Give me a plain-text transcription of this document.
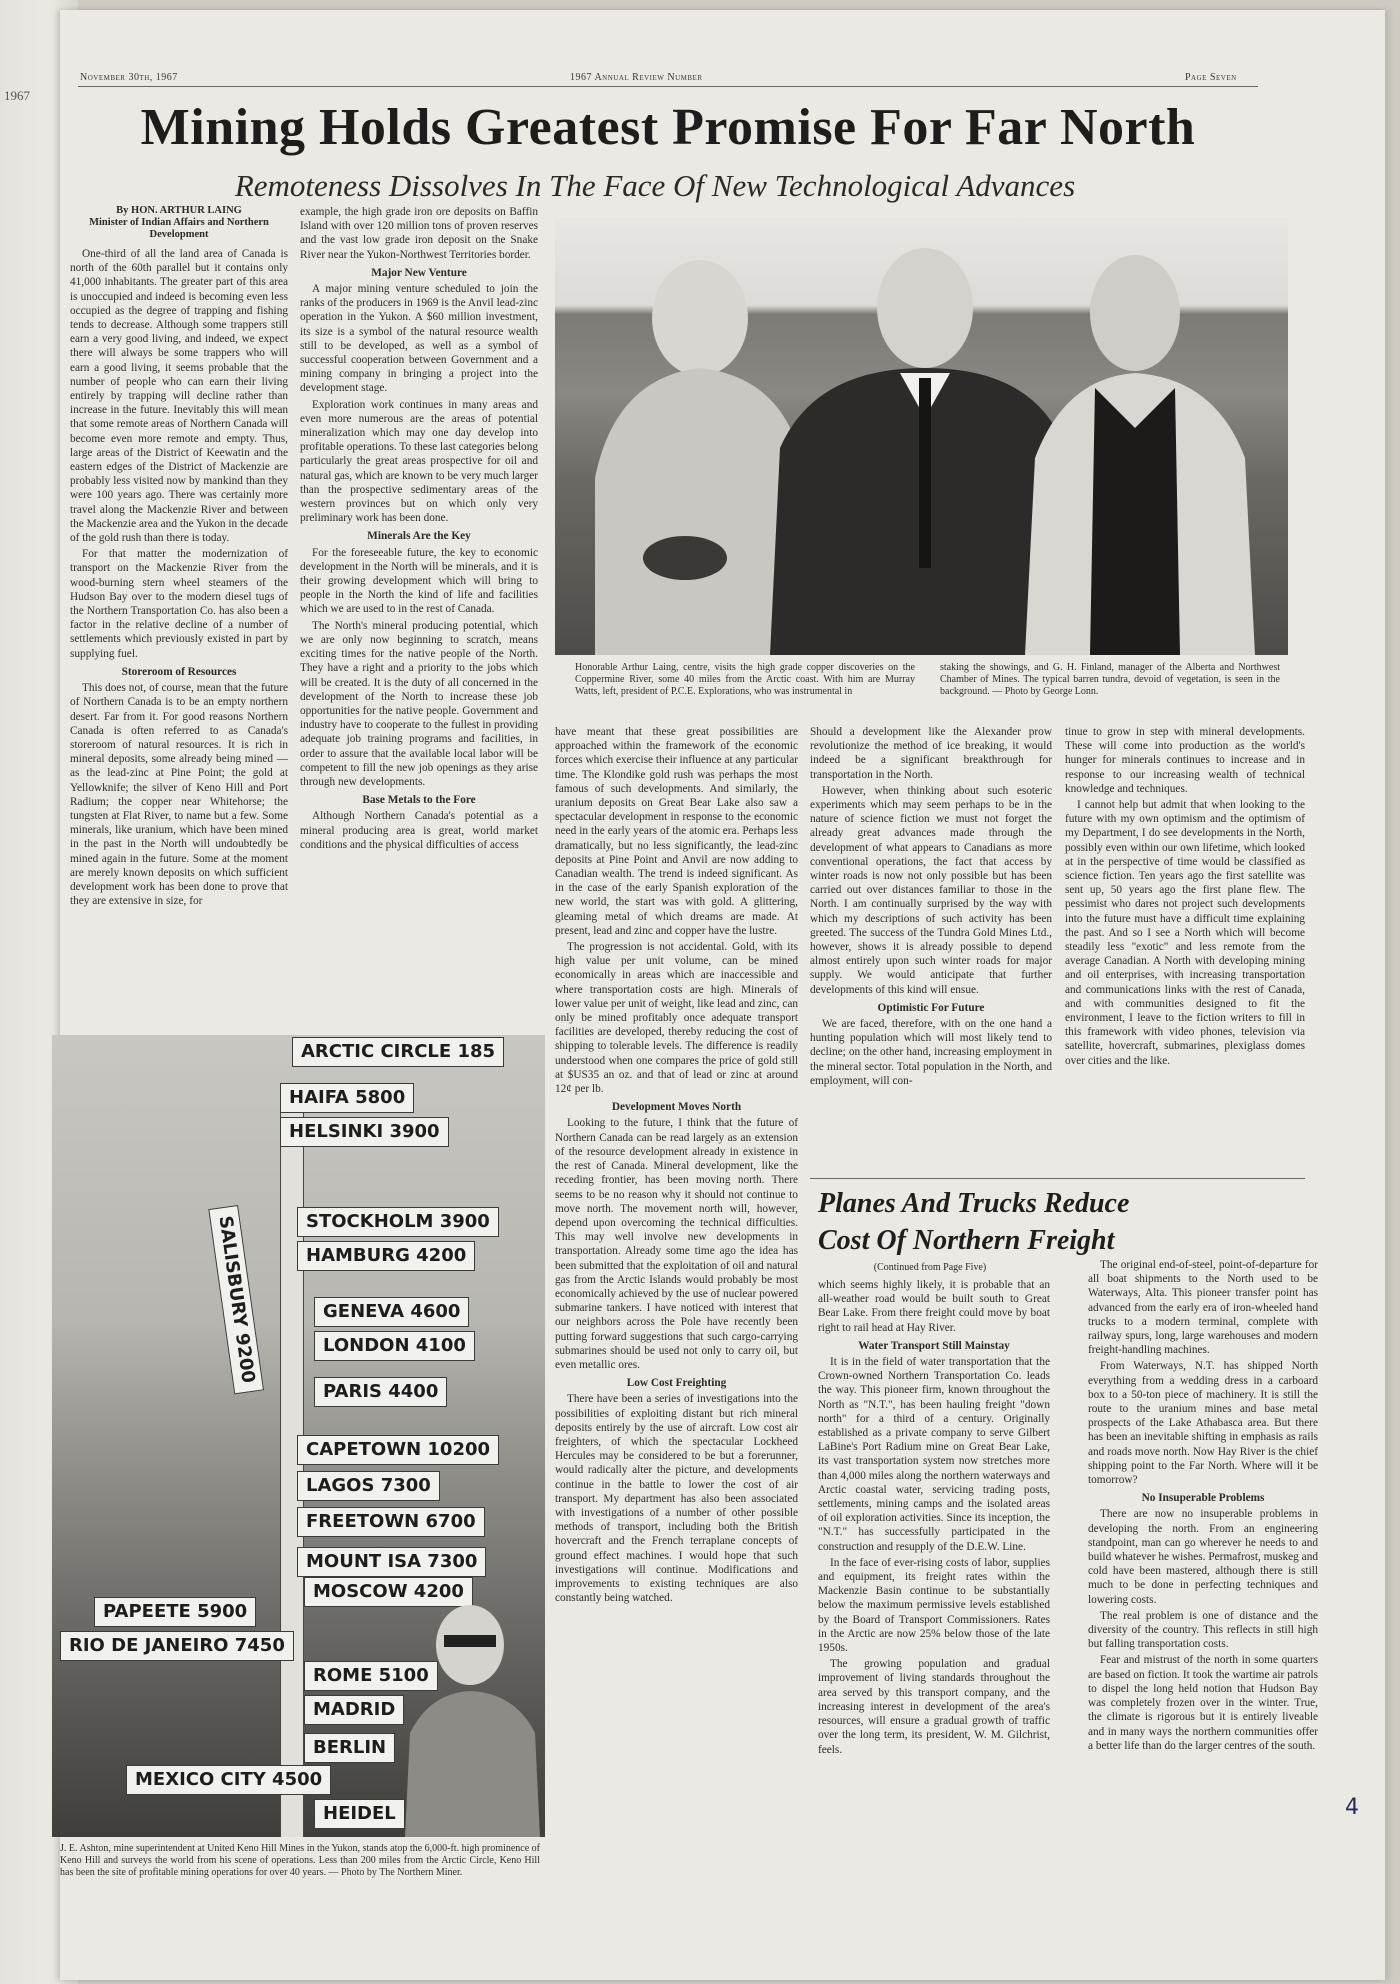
1967
November 30th, 1967	1967 Annual Review Number	Page Seven
Mining Holds Greatest Promise For Far North
Remoteness Dissolves In The Face Of New Technological Advances
By HON. ARTHUR LAING
Minister of Indian Affairs and Northern Development

One-third of all the land area of Canada is north of the 60th parallel but it contains only 41,000 inhabitants. The greater part of this area is unoccupied and indeed is becoming even less occupied as the degree of trapping and fishing tends to decrease. Although some trappers still earn a very good living, and indeed, we expect there will always be some trappers who will earn a good living, it seems probable that the number of people who can earn their living entirely by trapping will decline rather than increase in the future. Inevitably this will mean that some remote areas of Northern Canada will become even more remote and empty. Thus, large areas of the District of Keewatin and the eastern edges of the District of Mackenzie are probably less visited now by mankind than they were 100 years ago. There was certainly more travel along the Mackenzie River and between the Mackenzie area and the Yukon in the decade of the gold rush than there is today.

For that matter the modernization of transport on the Mackenzie River from the wood-burning stern wheel steamers of the Hudson Bay over to the modern diesel tugs of the Northern Transportation Co. has also been a factor in the relative decline of a number of settlements which previously existed in part by supplying fuel.

Storeroom of Resources

This does not, of course, mean that the future of Northern Canada is to be an empty northern desert. Far from it. For good reasons Northern Canada is often referred to as Canada's storeroom of natural resources. It is rich in mineral deposits, some already being mined — as the lead-zinc at Pine Point; the gold at Yellowknife; the silver of Keno Hill and Port Radium; the copper near Whitehorse; the tungsten at Flat River, to name but a few. Some minerals, like uranium, which have been mined in the past in the North will undoubtedly be mined again in the future. Some at the moment are merely known deposits on which sufficient development work has been done to prove that they are extensive in size, for

example, the high grade iron ore deposits on Baffin Island with over 120 million tons of proven reserves and the vast low grade iron deposit on the Snake River near the Yukon-Northwest Territories border.

Major New Venture

A major mining venture scheduled to join the ranks of the producers in 1969 is the Anvil lead-zinc operation in the Yukon. A $60 million investment, its size is a symbol of the natural resource wealth still to be developed, as well as a symbol of successful cooperation between Government and a mining company in bringing a project into the development stage.

Exploration work continues in many areas and even more numerous are the areas of potential mineralization which may one day develop into profitable operations. To these last categories belong particularly the great areas prospective for oil and natural gas, which are known to be very much larger than the prospective sedimentary areas of the western provinces but on which only very preliminary work has been done.

Minerals Are the Key

For the foreseeable future, the key to economic development in the North will be minerals, and it is their growing development which will bring to people in the North the kind of life and facilities which we are used to in the rest of Canada.

The North's mineral producing potential, which we are only now beginning to scratch, means exciting times for the native people of the North. They have a right and a priority to the jobs which will be created. It is the duty of all concerned in the development of the North to increase these job opportunities for the native people. Government and industry have to cooperate to the fullest in providing adequate job training programs and facilities, in order to assure that the available local labor will be competent to fill the new job openings as they arise through new developments.

Base Metals to the Fore

Although Northern Canada's potential as a mineral producing area is great, world market conditions and the physical difficulties of access

Honorable Arthur Laing, centre, visits the high grade copper discoveries on the Coppermine River, some 40 miles from the Arctic coast. With him are Murray Watts, left, president of P.C.E. Explorations, who was instrumental in
staking the showings, and G. H. Finland, manager of the Alberta and Northwest Chamber of Mines. The typical barren tundra, devoid of vegetation, is seen in the background. — Photo by George Lonn.

have meant that these great possibilities are approached within the framework of the economic forces which exercise their influence at any particular time. The Klondike gold rush was perhaps the most famous of such developments. And similarly, the uranium deposits on Great Bear Lake also saw a spectacular development in response to the economic need in the early years of the atomic era. Perhaps less dramatically, but no less significantly, the lead-zinc deposits at Pine Point and Anvil are now adding to Canadian wealth. The trend is indeed significant. As in the case of the early Spanish exploration of the new world, the start was with gold. A glittering, gleaming metal of which dreams are made. At present, lead and zinc and copper have the lustre.

The progression is not accidental. Gold, with its high value per unit volume, can be mined economically in areas which are inaccessible and where transportation costs are high. Minerals of lower value per unit of weight, like lead and zinc, can only be mined profitably once adequate transport facilities are developed, thereby reducing the cost of shipping to tolerable levels. The difference is readily understood when one compares the price of gold still at $US35 an oz. and that of lead or zinc at around 12¢ per lb.

Development Moves North

Looking to the future, I think that the future of Northern Canada can be read largely as an extension of the resource development already in existence in the rest of Canada. Mineral development, like the receding frontier, has been moving north. There seems to be no reason why it should not continue to move north. The movement north will, however, depend upon overcoming the technical difficulties. This may well involve new developments in transportation. Already some time ago the idea has been submitted that the exploitation of oil and natural gas from the Arctic Islands would probably be most economically achieved by the use of nuclear powered submarine tankers. I have noticed with interest that our neighbors across the Pole have recently been putting forward suggestions that such cargo-carrying submarines should be used not only to carry oil, but even metallic ores.

Low Cost Freighting

There have been a series of investigations into the possibilities of exploiting distant but rich mineral deposits entirely by the use of aircraft. Low cost air freighters, of which the spectacular Lockheed Hercules may be considered to be but a forerunner, would radically alter the picture, and developments continue in the battle to lower the cost of air transport. My department has also been associated with investigations of a number of other possible methods of transport, including both the British hovercraft and the French terraplane concepts of ground effect machines. I would hope that such investigations will continue. Modifications and improvements to existing techniques are also constantly being watched.

Should a development like the Alexander prow revolutionize the method of ice breaking, it would indeed be a significant breakthrough for transportation in the North.

However, when thinking about such esoteric experiments which may seem perhaps to be in the nature of science fiction we must not forget the already great advances made through the development of what appears to Canadians as more conventional operations, the fact that access by winter roads is now not only possible but has been carried out over distances familiar to those in the North. I am continually surprised by the way with which my descriptions of such activity has been greeted. The success of the Tundra Gold Mines Ltd., however, shows it is already possible to depend almost entirely upon such winter roads for major supply. We would anticipate that further developments of this kind will ensue.

Optimistic For Future

We are faced, therefore, with on the one hand a hunting population which will most likely tend to decline; on the other hand, increasing employment in the mineral sector. Total population in the North, and employment, will con-

tinue to grow in step with mineral developments. These will come into production as the world's hunger for minerals continues to increase and in response to our increasing wealth of technical knowledge and techniques.

I cannot help but admit that when looking to the future with my own optimism and the optimism of my Department, I do see developments in the North, possibly even within our own lifetime, which looked at in the perspective of time would be classified as science fiction. Ten years ago the first satellite was sent up, 50 years ago the first plane flew. The pessimist who dares not project such developments into the future must have a difficult time explaining the past. And so I see a North which will become steadily less "exotic" and less remote from the average Canadian. A North with developing mining and oil enterprises, with increasing transportation and communications links with the rest of Canada, and with communities designed to fit the environment, I leave to the fiction writers to fill in this framework with video phones, television via satellite, hovercraft, submarines, plexiglass domes over cities and the like.

ARCTIC CIRCLE 185
HAIFA 5800
HELSINKI 3900
SALISBURY 9200	STOCKHOLM 3900
HAMBURG 4200
GENEVA 4600
LONDON 4100
PARIS 4400
CAPETOWN 10200
LAGOS 7300
FREETOWN 6700
MOUNT ISA 7300
MOSCOW 4200
PAPEETE 5900
RIO DE JANEIRO 7450
ROME 5100
MADRID
BERLIN
MEXICO CITY 4500
HEIDEL
J. E. Ashton, mine superintendent at United Keno Hill Mines in the Yukon, stands atop the 6,000-ft. high prominence of Keno Hill and surveys the world from his scene of operations. Less than 200 miles from the Arctic Circle, Keno Hill has been the site of profitable mining operations for over 40 years. — Photo by The Northern Miner.
Planes And Trucks Reduce
Cost Of Northern Freight
(Continued from Page Five)

which seems highly likely, it is probable that an all-weather road would be built south to Great Bear Lake. From there freight could move by boat right to rail head at Hay River.

Water Transport Still Mainstay

It is in the field of water transportation that the Crown-owned Northern Transportation Co. leads the way. This pioneer firm, known throughout the North as "N.T.", has been hauling freight "down north" for a third of a century. Originally established as a private company to serve Gilbert LaBine's Port Radium mine on Great Bear Lake, its vast transportation system now stretches more than 4,000 miles along the northern waterways and Arctic coastal water, servicing trading posts, settlements, mining camps and the isolated areas of oil exploration activities. Since its inception, the "N.T." has successfully participated in the construction and resupply of the D.E.W. Line.

In the face of ever-rising costs of labor, supplies and equipment, its freight rates within the Mackenzie Basin continue to be substantially below the maximum permissive levels established by the Board of Transport Commissioners. Rates in the Arctic are now 25% below those of the late 1950s.

The growing population and gradual improvement of living standards throughout the area served by this transport company, and the increasing interest in development of the area's resources, will ensure a gradual growth of traffic over the long term, its president, W. M. Gilchrist, feels.

The original end-of-steel, point-of-departure for all boat shipments to the North used to be Waterways, Alta. This pioneer transfer point has advanced from the early era of iron-wheeled hand trucks to a modern terminal, complete with railway spurs, long, large warehouses and modern freight-handling machines.

From Waterways, N.T. has shipped North everything from a wedding dress in a carboard box to a 50-ton piece of machinery. It is still the route to the uranium mines and base metal prospects of the Lake Athabasca area. But there has been an inevitable shifting in emphasis as rails and roads move north. Now Hay River is the chief shipping point to the Far North. Where will it be tomorrow?

No Insuperable Problems

There are now no insuperable problems in developing the north. From an engineering standpoint, man can go wherever he needs to and build whatever he wishes. Permafrost, muskeg and cold have been mastered, although there is still much to be done in perfecting techniques and lowering costs.

The real problem is one of distance and the diversity of the country. This reflects in still high but falling transportation costs.

Fear and mistrust of the north in some quarters are based on fiction. It took the wartime air patrols to dispel the long held notion that Hudson Bay was completely frozen over in the winter. True, the climate is rigorous but it is entirely liveable and in many ways the northern communities offer a better life than do the larger centres of the south.

4
